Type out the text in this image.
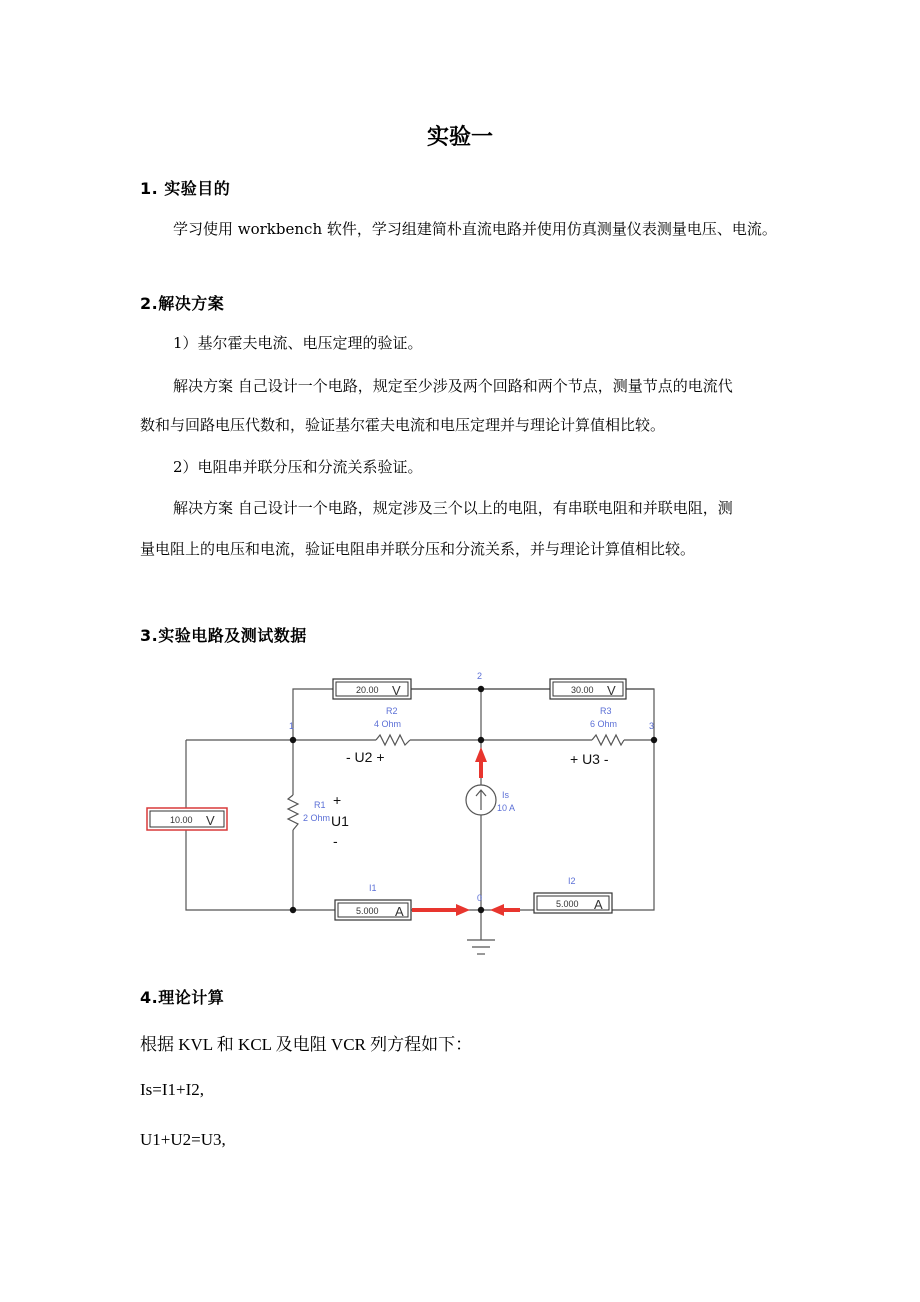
实验一
1. 实验目的
学习使用 workbench 软件，学习组建简朴直流电路并使用仿真测量仪表测量电压、电流。
2.解决方案
1）基尔霍夫电流、电压定理的验证。
解决方案 自己设计一个电路，规定至少涉及两个回路和两个节点，测量节点的电流代
数和与回路电压代数和，验证基尔霍夫电流和电压定理并与理论计算值相比较。
2）电阻串并联分压和分流关系验证。
解决方案 自己设计一个电路，规定涉及三个以上的电阻，有串联电阻和并联电阻，测
量电阻上的电压和电流，验证电阻串并联分压和分流关系，并与理论计算值相比较。
3.实验电路及测试数据
20.00 V	30.00 V
10.00 V
5.000 A	5.000 A
R2
4 Ohm
R3
6 Ohm
R1
2 Ohm
Is
10 A
I1
I2
2
1	3
0
- U2 +	+ U3 -
+
U1
-
4.理论计算
根据 KVL 和 KCL 及电阻 VCR 列方程如下：
Is=I1+I2,
U1+U2=U3,
